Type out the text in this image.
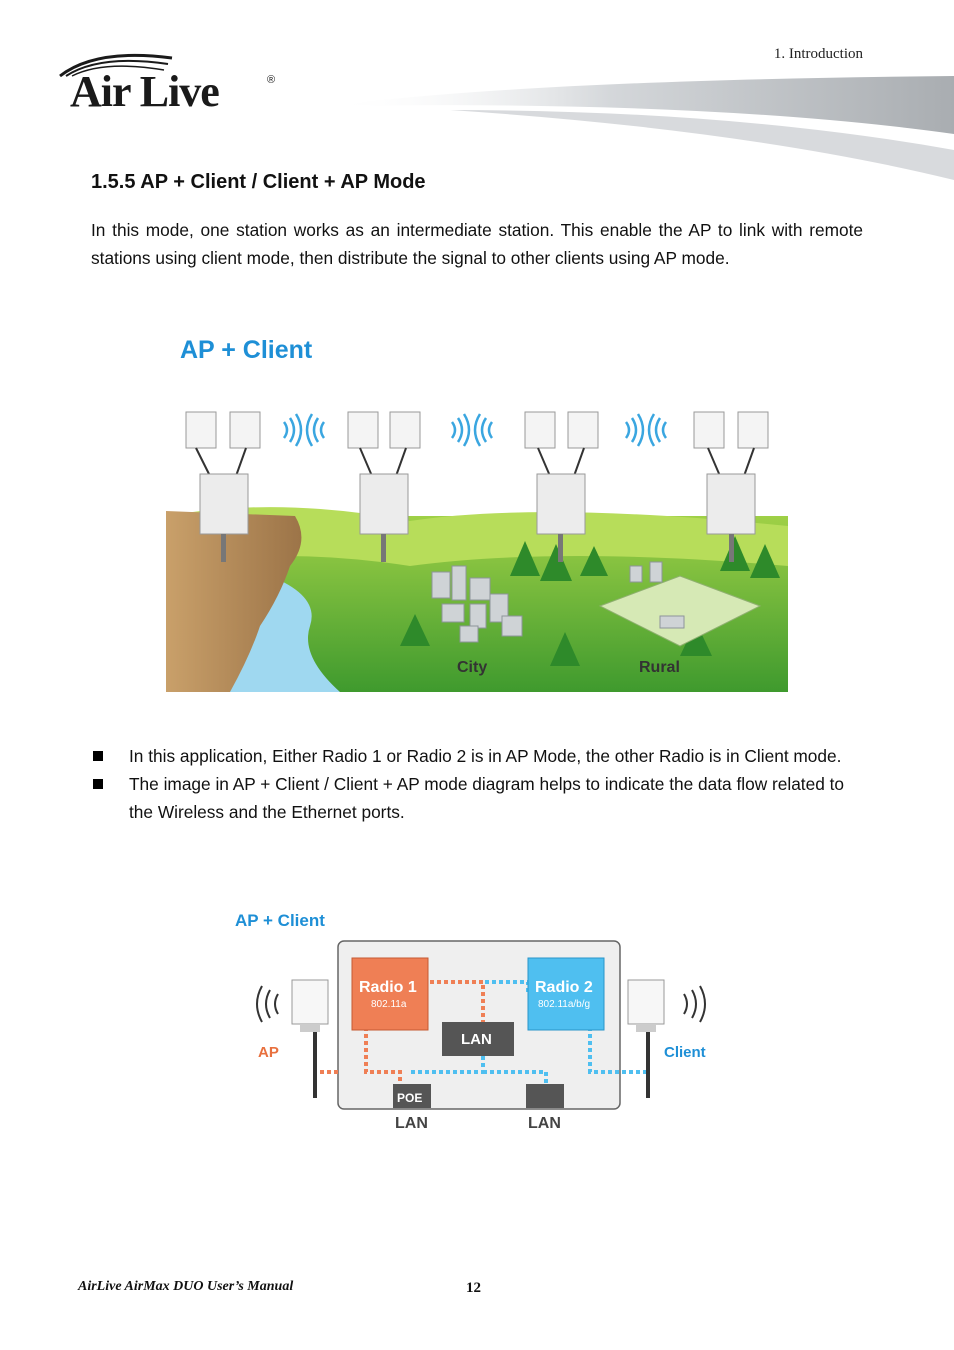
Air Live	®
1. Introduction
1.5.5 AP + Client / Client + AP Mode
In this mode, one station works as an intermediate station. This enable the AP to link with remote stations using client mode, then distribute the signal to other clients using AP mode.
AP + Client
City	Rural
In this application, Either Radio 1 or Radio 2 is in AP Mode, the other Radio is in Client mode.
The image in AP + Client / Client + AP mode diagram helps to indicate the data flow related to the Wireless and the Ethernet ports.
AP + Client
Radio 1
802.11a
Radio 2
802.11a/b/g
LAN
POE
LAN	LAN
AP	Client
AirLive AirMax DUO User’s Manual	12
